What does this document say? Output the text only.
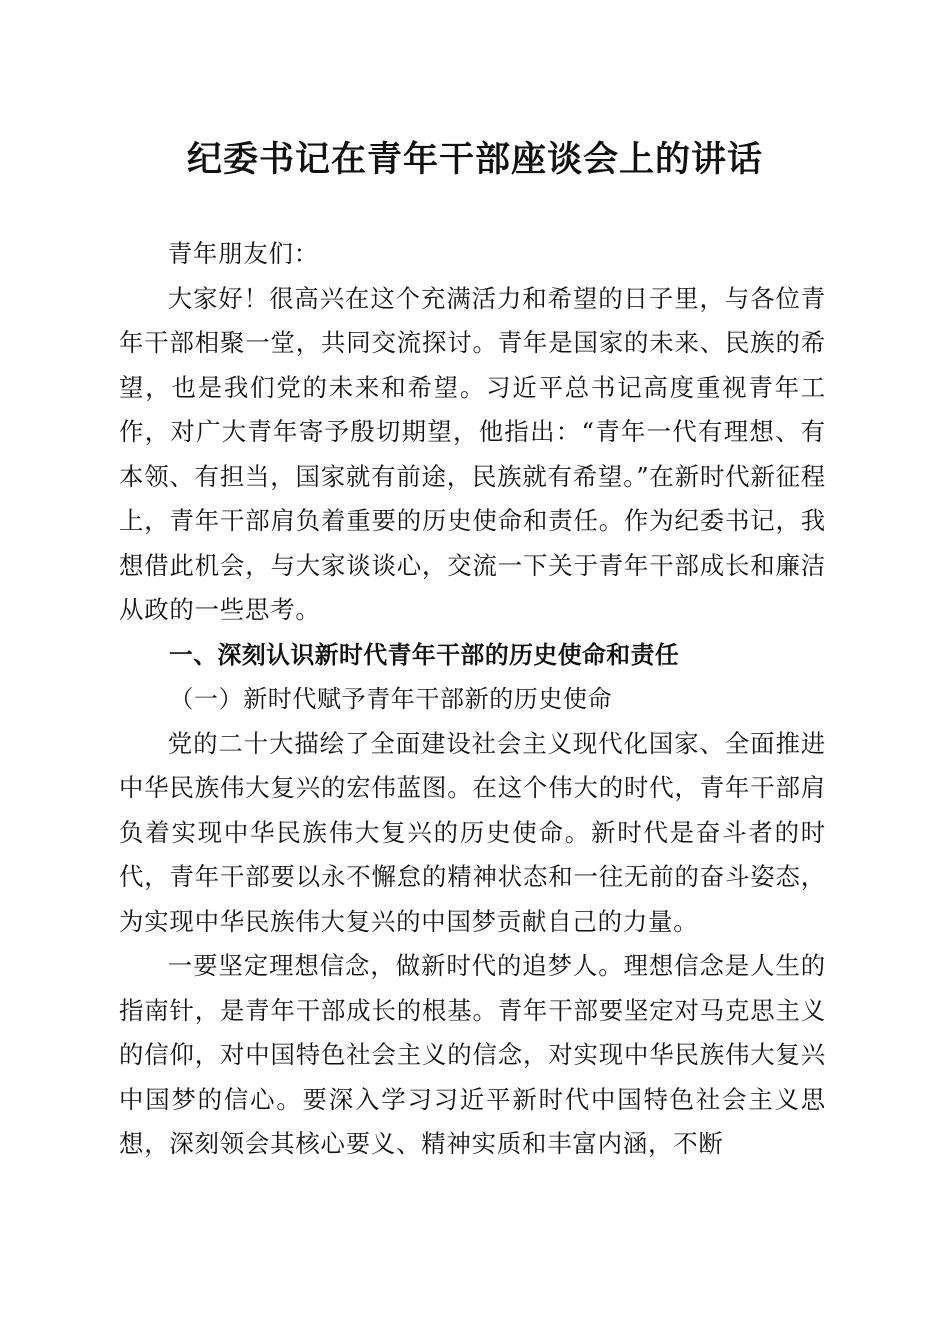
纪委书记在青年干部座谈会上的讲话

青年朋友们：

大家好！很高兴在这个充满活力和希望的日子里，与各位青年干部相聚一堂，共同交流探讨。青年是国家的未来、民族的希望，也是我们党的未来和希望。习近平总书记高度重视青年工作，对广大青年寄予殷切期望，他指出：“青年一代有理想、有本领、有担当，国家就有前途，民族就有希望。”在新时代新征程上，青年干部肩负着重要的历史使命和责任。作为纪委书记，我想借此机会，与大家谈谈心，交流一下关于青年干部成长和廉洁从政的一些思考。

一、深刻认识新时代青年干部的历史使命和责任

（一）新时代赋予青年干部新的历史使命

党的二十大描绘了全面建设社会主义现代化国家、全面推进中华民族伟大复兴的宏伟蓝图。在这个伟大的时代，青年干部肩负着实现中华民族伟大复兴的历史使命。新时代是奋斗者的时代，青年干部要以永不懈怠的精神状态和一往无前的奋斗姿态，为实现中华民族伟大复兴的中国梦贡献自己的力量。

一要坚定理想信念，做新时代的追梦人。理想信念是人生的指南针，是青年干部成长的根基。青年干部要坚定对马克思主义的信仰，对中国特色社会主义的信念，对实现中华民族伟大复兴中国梦的信心。要深入学习习近平新时代中国特色社会主义思想，深刻领会其核心要义、精神实质和丰富内涵，不断
